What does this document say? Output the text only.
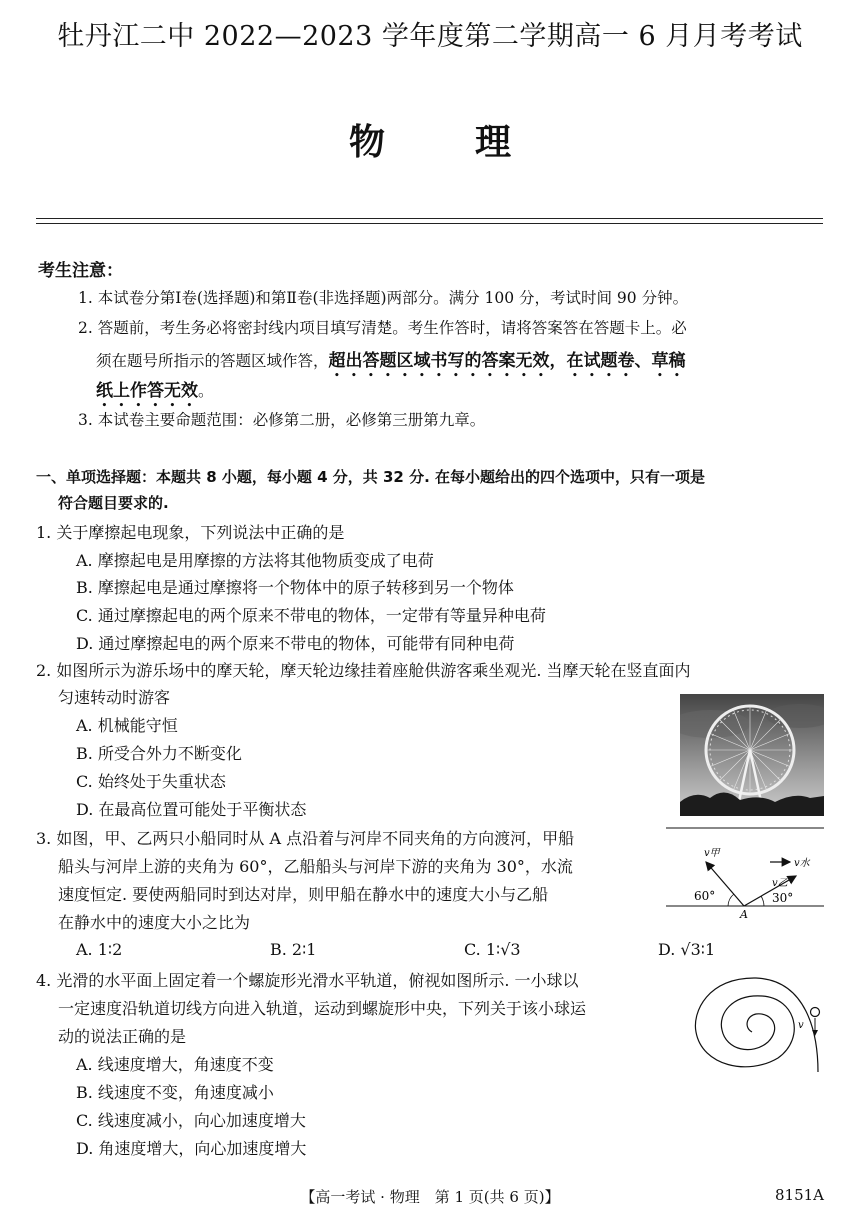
牡丹江二中 2022—2023 学年度第二学期高一 6 月月考考试
物理
考生注意：
1. 本试卷分第Ⅰ卷(选择题)和第Ⅱ卷(非选择题)两部分。满分 100 分，考试时间 90 分钟。
2. 答题前，考生务必将密封线内项目填写清楚。考生作答时，请将答案答在答题卡上。必
须在题号所指示的答题区域作答，超出答题区域书写的答案无效，在试题卷、草稿
纸上作答无效。
3. 本试卷主要命题范围：必修第二册，必修第三册第九章。
一、单项选择题：本题共 8 小题，每小题 4 分，共 32 分. 在每小题给出的四个选项中，只有一项是
符合题目要求的.
1. 关于摩擦起电现象，下列说法中正确的是
A. 摩擦起电是用摩擦的方法将其他物质变成了电荷
B. 摩擦起电是通过摩擦将一个物体中的原子转移到另一个物体
C. 通过摩擦起电的两个原来不带电的物体，一定带有等量异种电荷
D. 通过摩擦起电的两个原来不带电的物体，可能带有同种电荷
2. 如图所示为游乐场中的摩天轮，摩天轮边缘挂着座舱供游客乘坐观光. 当摩天轮在竖直面内
匀速转动时游客
A. 机械能守恒
B. 所受合外力不断变化
C. 始终处于失重状态
D. 在最高位置可能处于平衡状态
3. 如图，甲、乙两只小船同时从 A 点沿着与河岸不同夹角的方向渡河，甲船
船头与河岸上游的夹角为 60°，乙船船头与河岸下游的夹角为 30°，水流
速度恒定. 要使两船同时到达对岸，则甲船在静水中的速度大小与乙船
在静水中的速度大小之比为
A. 1∶2	B. 2∶1	C. 1∶√3	D. √3∶1
v甲
v水
v乙
60°	30°
A
4. 光滑的水平面上固定着一个螺旋形光滑水平轨道，俯视如图所示. 一小球以
一定速度沿轨道切线方向进入轨道，运动到螺旋形中央，下列关于该小球运
动的说法正确的是
A. 线速度增大，角速度不变
B. 线速度不变，角速度减小
C. 线速度减小，向心加速度增大
D. 角速度增大，向心加速度增大
v
【高一考试 · 物理　第 1 页(共 6 页)】	8151A
